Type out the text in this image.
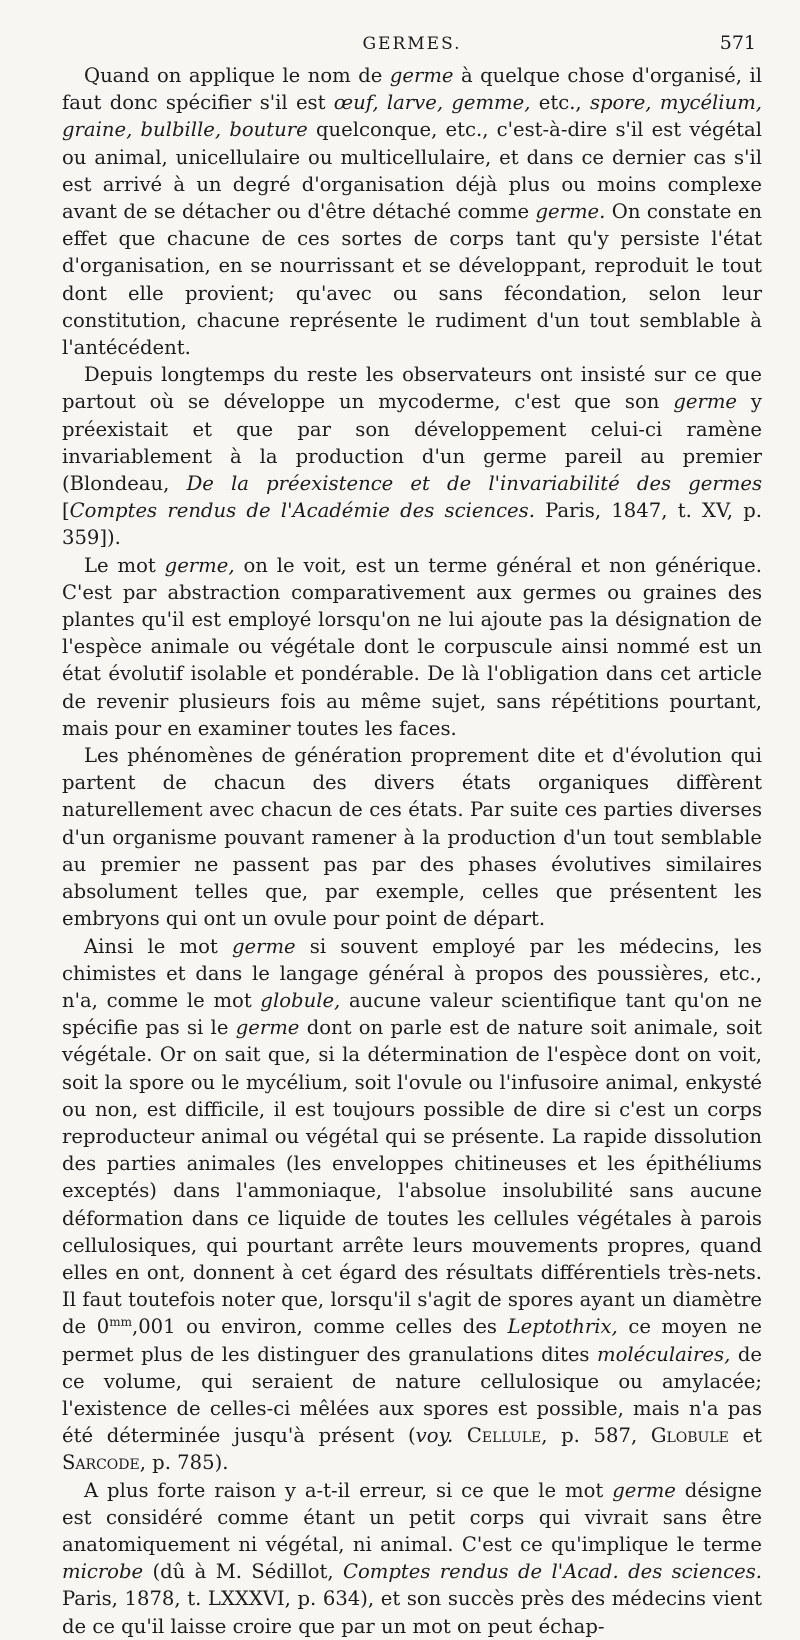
GERMES.	571

Quand on applique le nom de germe à quelque chose d'organisé, il faut donc spécifier s'il est œuf, larve, gemme, etc., spore, mycélium, graine, bulbille, bouture quelconque, etc., c'est-à-dire s'il est végétal ou animal, unicellulaire ou multicellulaire, et dans ce dernier cas s'il est arrivé à un degré d'organisation déjà plus ou moins complexe avant de se détacher ou d'être détaché comme germe. On constate en effet que chacune de ces sortes de corps tant qu'y persiste l'état d'organisation, en se nourrissant et se développant, reproduit le tout dont elle provient; qu'avec ou sans fécondation, selon leur constitution, chacune représente le rudiment d'un tout semblable à l'antécédent.

Depuis longtemps du reste les observateurs ont insisté sur ce que partout où se développe un mycoderme, c'est que son germe y préexistait et que par son développement celui-ci ramène invariablement à la production d'un germe pareil au premier (Blondeau, De la préexistence et de l'invariabilité des germes [Comptes rendus de l'Académie des sciences. Paris, 1847, t. XV, p. 359]).

Le mot germe, on le voit, est un terme général et non générique. C'est par abstraction comparativement aux germes ou graines des plantes qu'il est employé lorsqu'on ne lui ajoute pas la désignation de l'espèce animale ou végétale dont le corpuscule ainsi nommé est un état évolutif isolable et pondérable. De là l'obligation dans cet article de revenir plusieurs fois au même sujet, sans répétitions pourtant, mais pour en examiner toutes les faces.

Les phénomènes de génération proprement dite et d'évolution qui partent de chacun des divers états organiques diffèrent naturellement avec chacun de ces états. Par suite ces parties diverses d'un organisme pouvant ramener à la production d'un tout semblable au premier ne passent pas par des phases évolutives similaires absolument telles que, par exemple, celles que présentent les embryons qui ont un ovule pour point de départ.

Ainsi le mot germe si souvent employé par les médecins, les chimistes et dans le langage général à propos des poussières, etc., n'a, comme le mot globule, aucune valeur scientifique tant qu'on ne spécifie pas si le germe dont on parle est de nature soit animale, soit végétale. Or on sait que, si la détermination de l'espèce dont on voit, soit la spore ou le mycélium, soit l'ovule ou l'infusoire animal, enkysté ou non, est difficile, il est toujours possible de dire si c'est un corps reproducteur animal ou végétal qui se présente. La rapide dissolution des parties animales (les enveloppes chitineuses et les épithéliums exceptés) dans l'ammoniaque, l'absolue insolubilité sans aucune déformation dans ce liquide de toutes les cellules végétales à parois cellulosiques, qui pourtant arrête leurs mouvements propres, quand elles en ont, donnent à cet égard des résultats différentiels très-nets. Il faut toutefois noter que, lorsqu'il s'agit de spores ayant un diamètre de $0^{mm},001$ ou environ, comme celles des Leptothrix, ce moyen ne permet plus de les distinguer des granulations dites moléculaires, de ce volume, qui seraient de nature cellulosique ou amylacée; l'existence de celles-ci mêlées aux spores est possible, mais n'a pas été déterminée jusqu'à présent (voy. Cellule, p. 587, Globule et Sarcode, p. 785).

A plus forte raison y a-t-il erreur, si ce que le mot germe désigne est considéré comme étant un petit corps qui vivrait sans être anatomiquement ni végétal, ni animal. C'est ce qu'implique le terme microbe (dû à M. Sédillot, Comptes rendus de l'Acad. des sciences. Paris, 1878, t. LXXXVI, p. 634), et son succès près des médecins vient de ce qu'il laisse croire que par un mot on peut échap-
